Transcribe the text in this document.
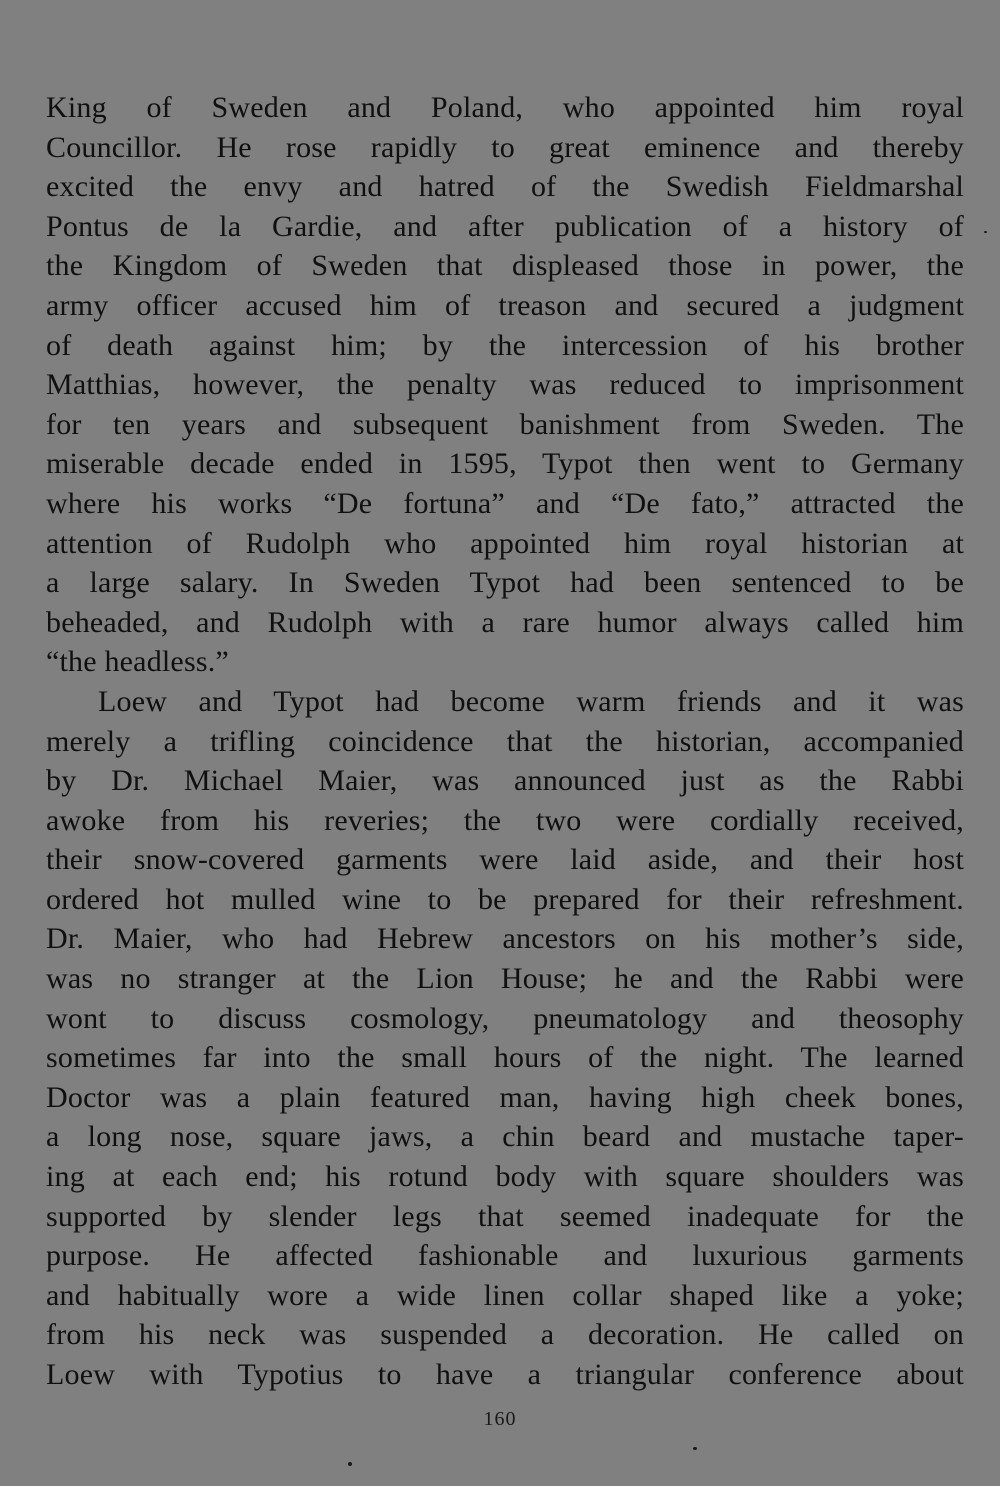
King of Sweden and Poland, who appointed him royal
Councillor. He rose rapidly to great eminence and thereby
excited the envy and hatred of the Swedish Fieldmarshal
Pontus de la Gardie, and after publication of a history of
the Kingdom of Sweden that displeased those in power, the
army officer accused him of treason and secured a judgment
of death against him; by the intercession of his brother
Matthias, however, the penalty was reduced to imprisonment
for ten years and subsequent banishment from Sweden. The
miserable decade ended in 1595, Typot then went to Germany
where his works “De fortuna” and “De fato,” attracted the
attention of Rudolph who appointed him royal historian at
a large salary. In Sweden Typot had been sentenced to be
beheaded, and Rudolph with a rare humor always called him
“the headless.”
Loew and Typot had become warm friends and it was
merely a trifling coincidence that the historian, accompanied
by Dr. Michael Maier, was announced just as the Rabbi
awoke from his reveries; the two were cordially received,
their snow-covered garments were laid aside, and their host
ordered hot mulled wine to be prepared for their refreshment.
Dr. Maier, who had Hebrew ancestors on his mother’s side,
was no stranger at the Lion House; he and the Rabbi were
wont to discuss cosmology, pneumatology and theosophy
sometimes far into the small hours of the night. The learned
Doctor was a plain featured man, having high cheek bones,
a long nose, square jaws, a chin beard and mustache taper-
ing at each end; his rotund body with square shoulders was
supported by slender legs that seemed inadequate for the
purpose. He affected fashionable and luxurious garments
and habitually wore a wide linen collar shaped like a yoke;
from his neck was suspended a decoration. He called on
Loew with Typotius to have a triangular conference about
160
